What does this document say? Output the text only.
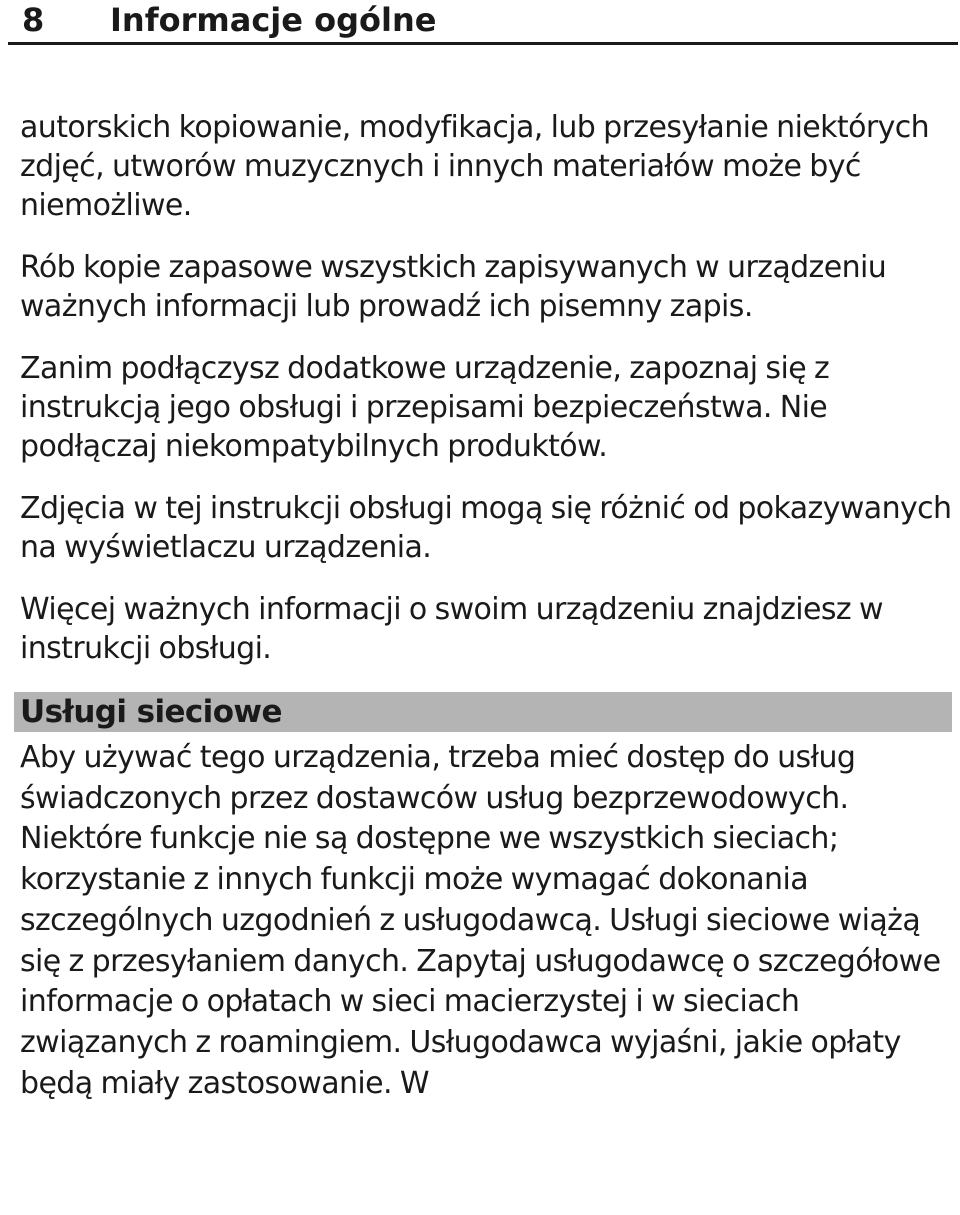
8 Informacje ogólne

autorskich kopiowanie, modyfikacja, lub przesyłanie niektórych zdjęć, utworów muzycznych i innych materiałów może być niemożliwe.

Rób kopie zapasowe wszystkich zapisywanych w urządzeniu ważnych informacji lub prowadź ich pisemny zapis.

Zanim podłączysz dodatkowe urządzenie, zapoznaj się z instrukcją jego obsługi i przepisami bezpieczeństwa. Nie podłączaj niekompatybilnych produktów.

Zdjęcia w tej instrukcji obsługi mogą się różnić od pokazywanych na wyświetlaczu urządzenia.

Więcej ważnych informacji o swoim urządzeniu znajdziesz w instrukcji obsługi.

Usługi sieciowe

Aby używać tego urządzenia, trzeba mieć dostęp do usług świadczonych przez dostawców usług bezprzewodowych. Niektóre funkcje nie są dostępne we wszystkich sieciach; korzystanie z innych funkcji może wymagać dokonania szczególnych uzgodnień z usługodawcą. Usługi sieciowe wiążą się z przesyłaniem danych. Zapytaj usługodawcę o szczegółowe informacje o opłatach w sieci macierzystej i w sieciach związanych z roamingiem. Usługodawca wyjaśni, jakie opłaty będą miały zastosowanie. W
